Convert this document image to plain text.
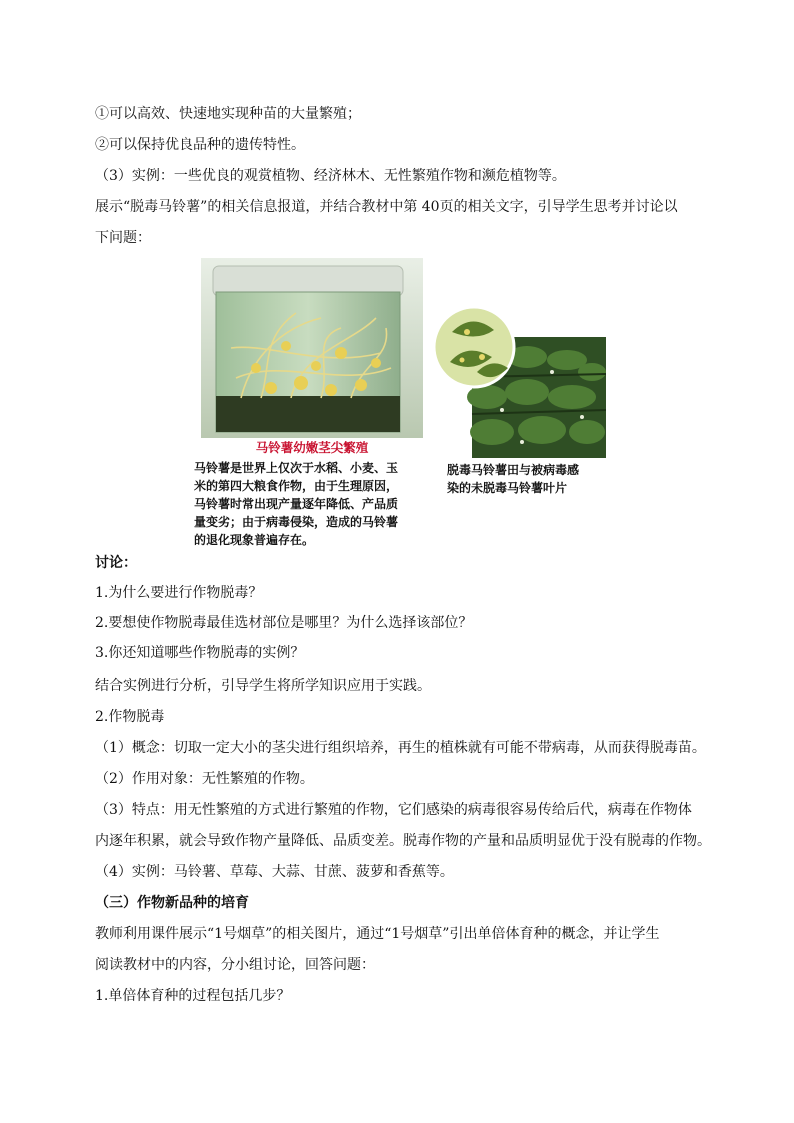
①可以高效、快速地实现种苗的大量繁殖；
②可以保持优良品种的遗传特性。
（3）实例：一些优良的观赏植物、经济林木、无性繁殖作物和濒危植物等。
展示“脱毒马铃薯”的相关信息报道，并结合教材中第 40页的相关文字，引导学生思考并讨论以
下问题：
马铃薯幼嫩茎尖繁殖
马铃薯是世界上仅次于水稻、小麦、玉
米的第四大粮食作物，由于生理原因，
马铃薯时常出现产量逐年降低、产品质
量变劣；由于病毒侵染，造成的马铃薯
的退化现象普遍存在。
脱毒马铃薯田与被病毒感
染的未脱毒马铃薯叶片
讨论：
1.为什么要进行作物脱毒？
2.要想使作物脱毒最佳选材部位是哪里？为什么选择该部位？
3.你还知道哪些作物脱毒的实例？
结合实例进行分析，引导学生将所学知识应用于实践。
2.作物脱毒
（1）概念：切取一定大小的茎尖进行组织培养，再生的植株就有可能不带病毒，从而获得脱毒苗。
（2）作用对象：无性繁殖的作物。
（3）特点：用无性繁殖的方式进行繁殖的作物，它们感染的病毒很容易传给后代，病毒在作物体
内逐年积累，就会导致作物产量降低、品质变差。脱毒作物的产量和品质明显优于没有脱毒的作物。
（4）实例：马铃薯、草莓、大蒜、甘蔗、菠萝和香蕉等。
（三）作物新品种的培育
教师利用课件展示“1号烟草”的相关图片，通过“1号烟草”引出单倍体育种的概念，并让学生
阅读教材中的内容，分小组讨论，回答问题：
1.单倍体育种的过程包括几步？
